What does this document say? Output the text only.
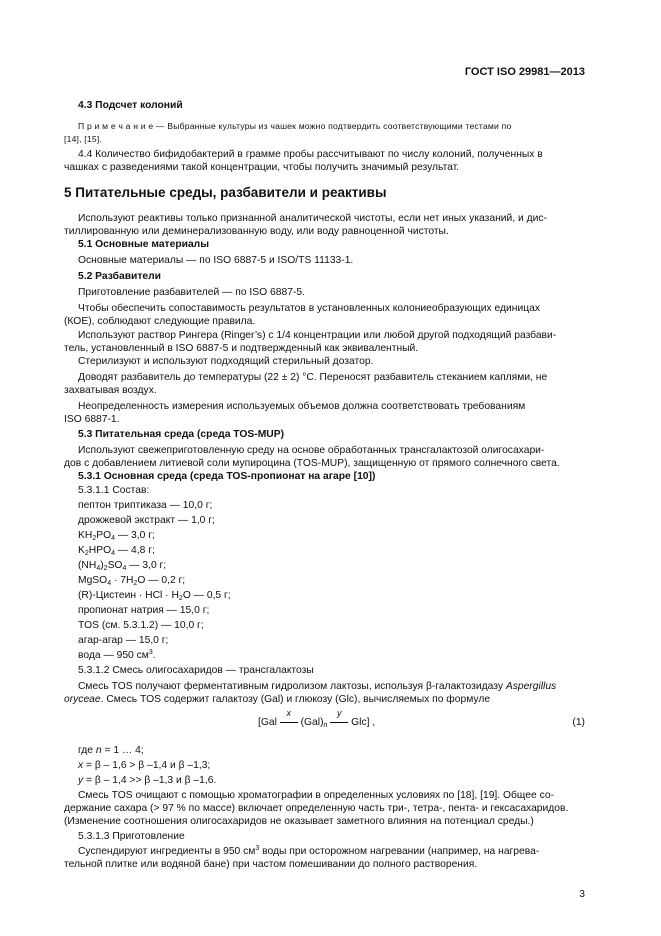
ГОСТ ISO 29981—2013
4.3 Подсчет колоний
П р и м е ч а н и е — Выбранные культуры из чашек можно подтвердить соответствующими тестами по
[14], [15].
4.4 Количество бифидобактерий в грамме пробы рассчитывают по числу колоний, полученных в
чашках с разведениями такой концентрации, чтобы получить значимый результат.
5 Питательные среды, разбавители и реактивы
Используют реактивы только признанной аналитической чистоты, если нет иных указаний, и дис-
тиллированную или деминерализованную воду, или воду равноценной чистоты.
5.1 Основные материалы
Основные материалы — по ISO 6887-5 и ISO/TS 11133-1.
5.2 Разбавители
Приготовление разбавителей — по ISO 6887-5.
Чтобы обеспечить сопоставимость результатов в установленных колониеобразующих единицах
(КОЕ), соблюдают следующие правила.
Используют раствор Рингера (Ringer’s) с 1/4 концентрации или любой другой подходящий разбави-
тель, установленный в ISO 6887-5 и подтвержденный как эквивалентный.
Стерилизуют и используют подходящий стерильный дозатор.
Доводят разбавитель до температуры (22 ± 2) °С. Переносят разбавитель стеканием каплями, не
захватывая воздух.
Неопределенность измерения используемых объемов должна соответствовать требованиям
ISO 6887-1.
5.3 Питательная среда (среда TOS-MUP)
Используют свежеприготовленную среду на основе обработанных трансгалактозой олигосахари-
дов с добавлением литиевой соли мупироцина (TOS-MUP), защищенную от прямого солнечного света.
5.3.1 Основная среда (среда TOS-пропионат на агаре [10])
5.3.1.1 Состав:
пептон триптиказа — 10,0 г;
дрожжевой экстракт — 1,0 г;
KH2PO4 — 3,0 г;
K2HPO4 — 4,8 г;
(NH4)2SO4 — 3,0 г;
MgSO4 · 7H2O — 0,2 г;
(R)-Цистеин · HCl · H2O — 0,5 г;
пропионат натрия — 15,0 г;
TOS (см. 5.3.1.2) — 10,0 г;
агар-агар — 15,0 г;
вода — 950 $см^3$.
5.3.1.2 Смесь олигосахаридов — трансгалактозы
Смесь TOS получают ферментативным гидролизом лактозы, используя β-галактозидазу Aspergillus
orycеae. Смесь TOS содержит галактозу (Gal) и глюкозу (Glc), вычисляемых по формуле
[Gal
x
(Gal)n
y
Glc] ,	(1)
где n = 1 … 4;
x = β – 1,6 > β –1,4 и β –1,3;
y = β – 1,4 >> β –1,3 и β –1,6.
Смесь TOS очищают с помощью хроматографии в определенных условиях по [18], [19]. Общее со-
держание сахара (> 97 % по массе) включает определенную часть три-, тетра-, пента- и гексасахаридов.
(Изменение соотношения олигосахаридов не оказывает заметного влияния на потенциал среды.)
5.3.1.3 Приготовление
Суспендируют ингредиенты в 950 $см^3$ воды при осторожном нагревании (например, на нагрева-
тельной плитке или водяной бане) при частом помешивании до полного растворения.
3
